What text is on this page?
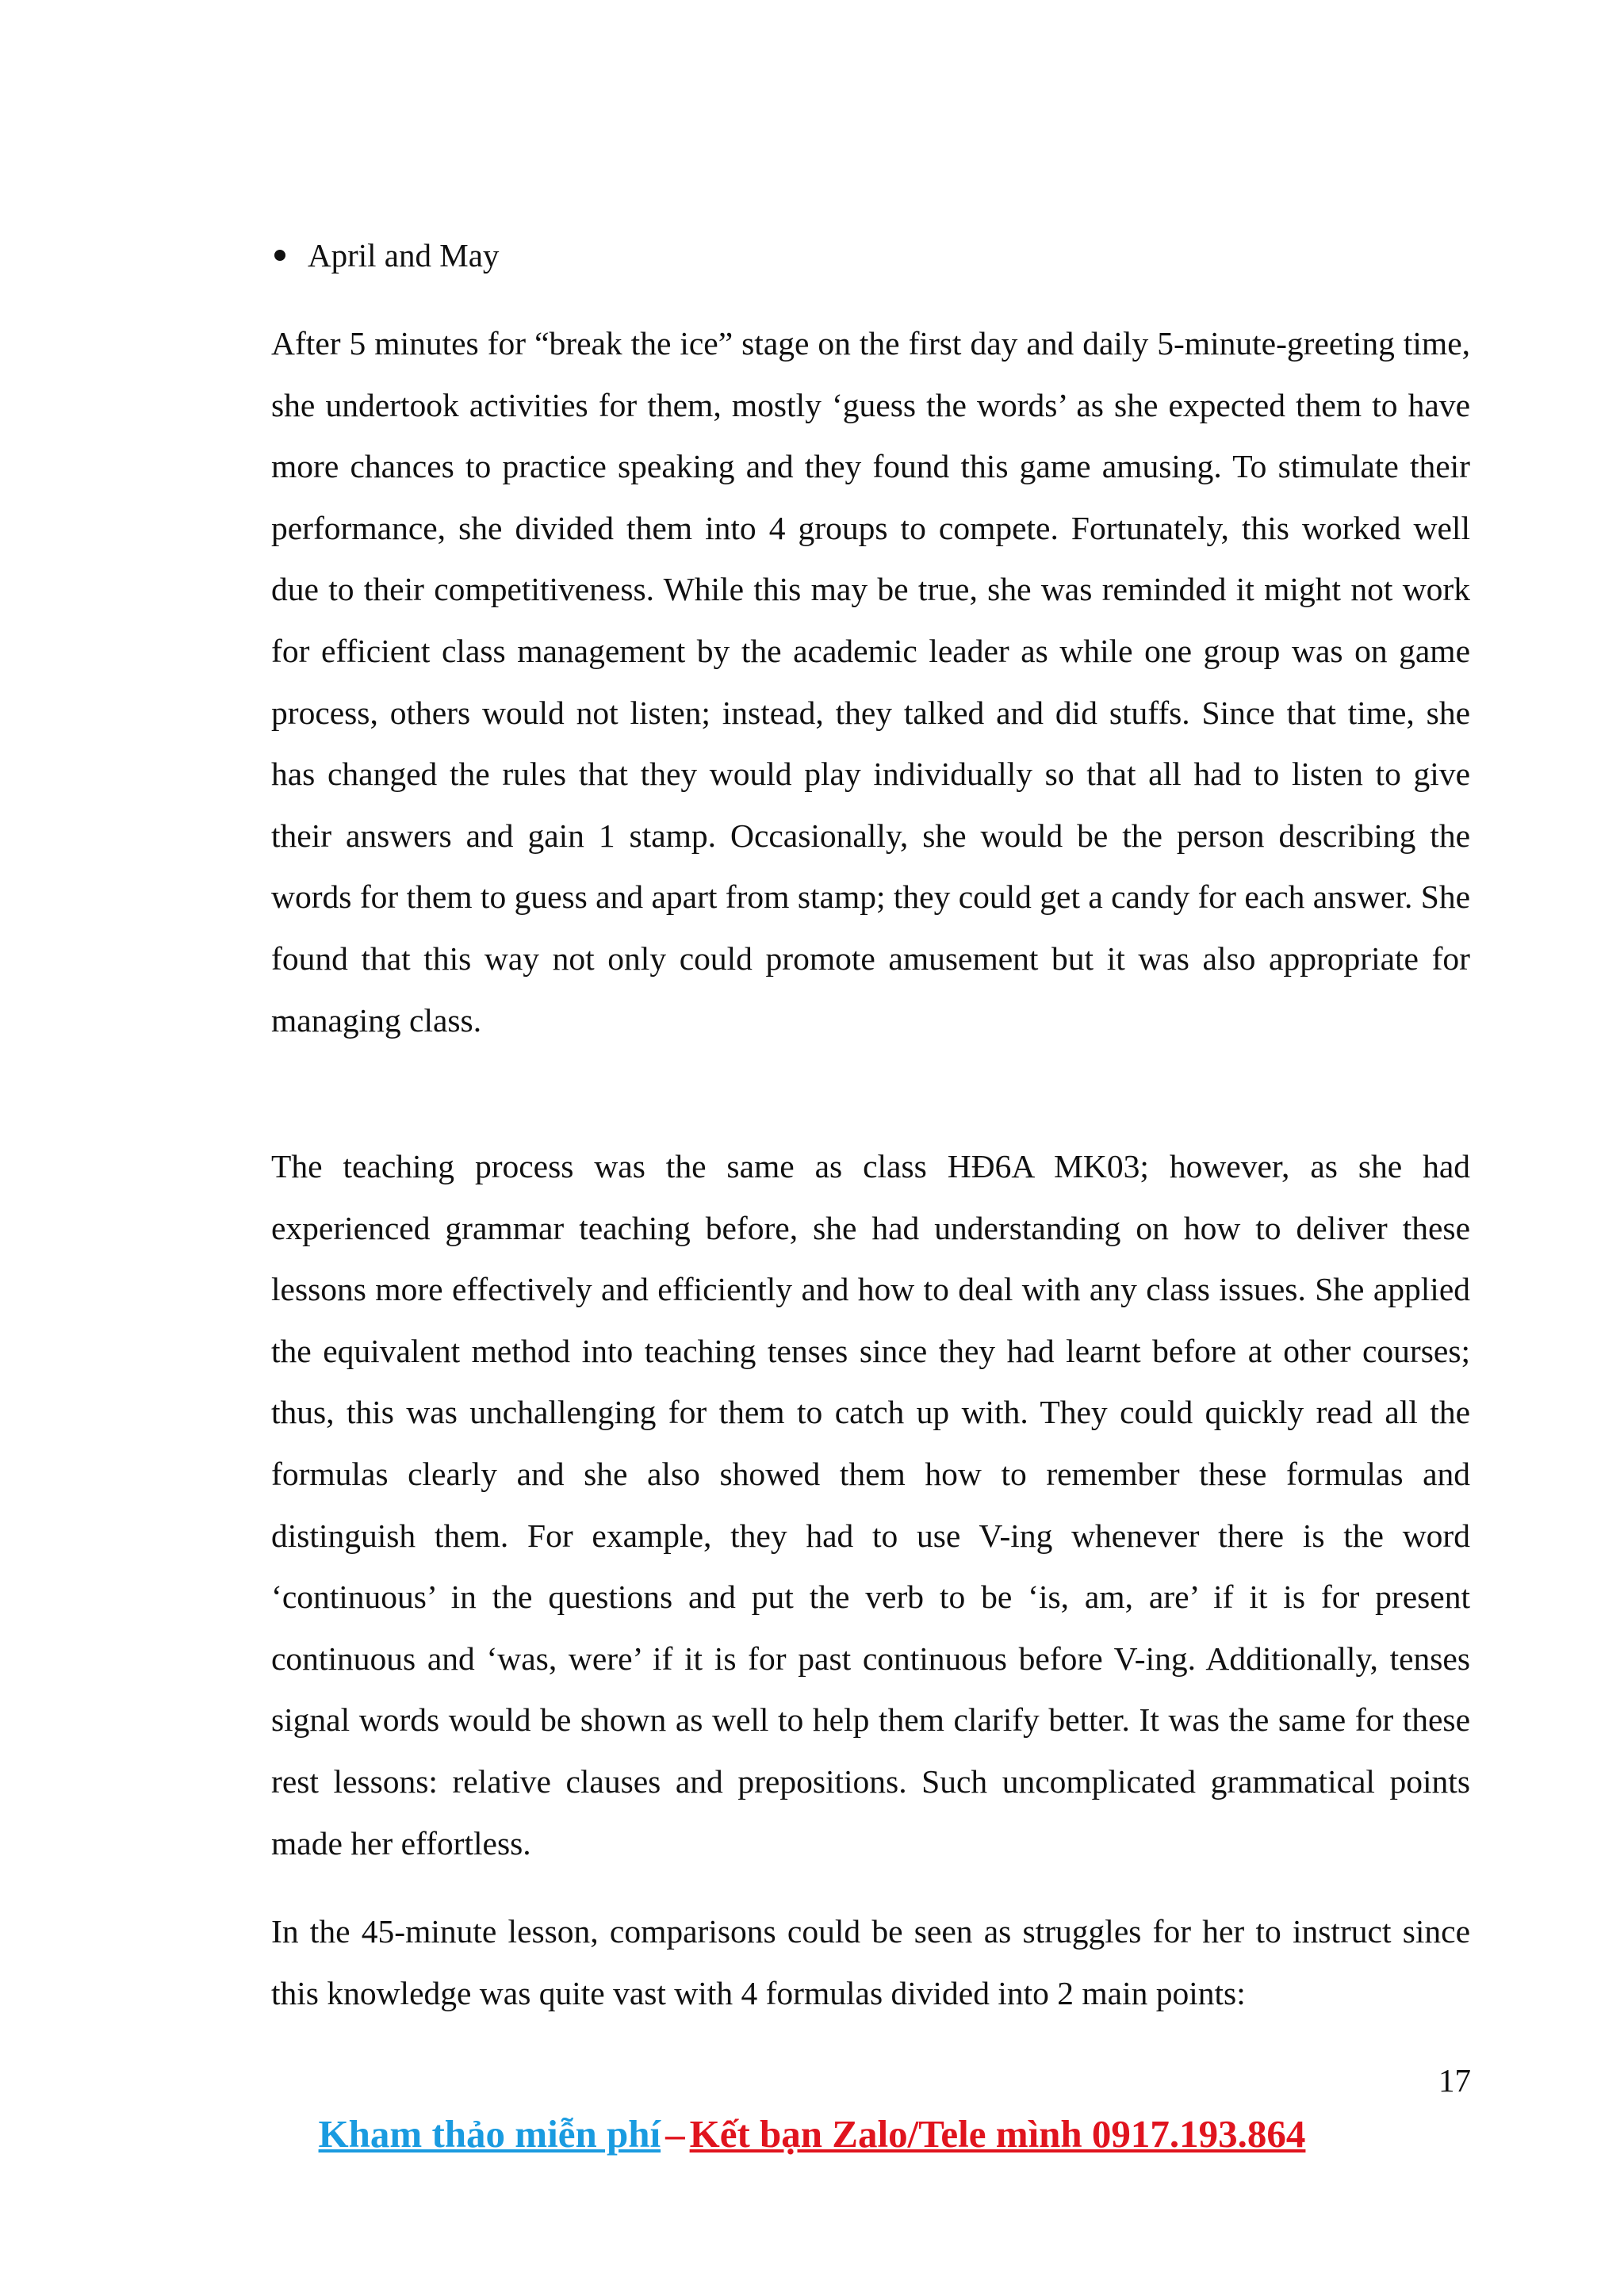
April and May

After 5 minutes for “break the ice” stage on the first day and daily 5-minute-greeting time, she undertook activities for them, mostly ‘guess the words’ as she expected them to have more chances to practice speaking and they found this game amusing. To stimulate their performance, she divided them into 4 groups to compete. Fortunately, this worked well due to their competitiveness. While this may be true, she was reminded it might not work for efficient class management by the academic leader as while one group was on game process, others would not listen; instead, they talked and did stuffs. Since that time, she has changed the rules that they would play individually so that all had to listen to give their answers and gain 1 stamp. Occasionally, she would be the person describing the words for them to guess and apart from stamp; they could get a candy for each answer. She found that this way not only could promote amusement but it was also appropriate for managing class.

The teaching process was the same as class HĐ6A MK03; however, as she had experienced grammar teaching before, she had understanding on how to deliver these lessons more effectively and efficiently and how to deal with any class issues. She applied the equivalent method into teaching tenses since they had learnt before at other courses; thus, this was unchallenging for them to catch up with. They could quickly read all the formulas clearly and she also showed them how to remember these formulas and distinguish them. For example, they had to use V-ing whenever there is the word ‘continuous’ in the questions and put the verb to be ‘is, am, are’ if it is for present continuous and ‘was, were’ if it is for past continuous before V-ing. Additionally, tenses signal words would be shown as well to help them clarify better. It was the same for these rest lessons: relative clauses and prepositions. Such uncomplicated grammatical points made her effortless.

In the 45-minute lesson, comparisons could be seen as struggles for her to instruct since this knowledge was quite vast with 4 formulas divided into 2 main points:

17
Kham thảo miễn phí – Kết bạn Zalo/Tele mình 0917.193.864
